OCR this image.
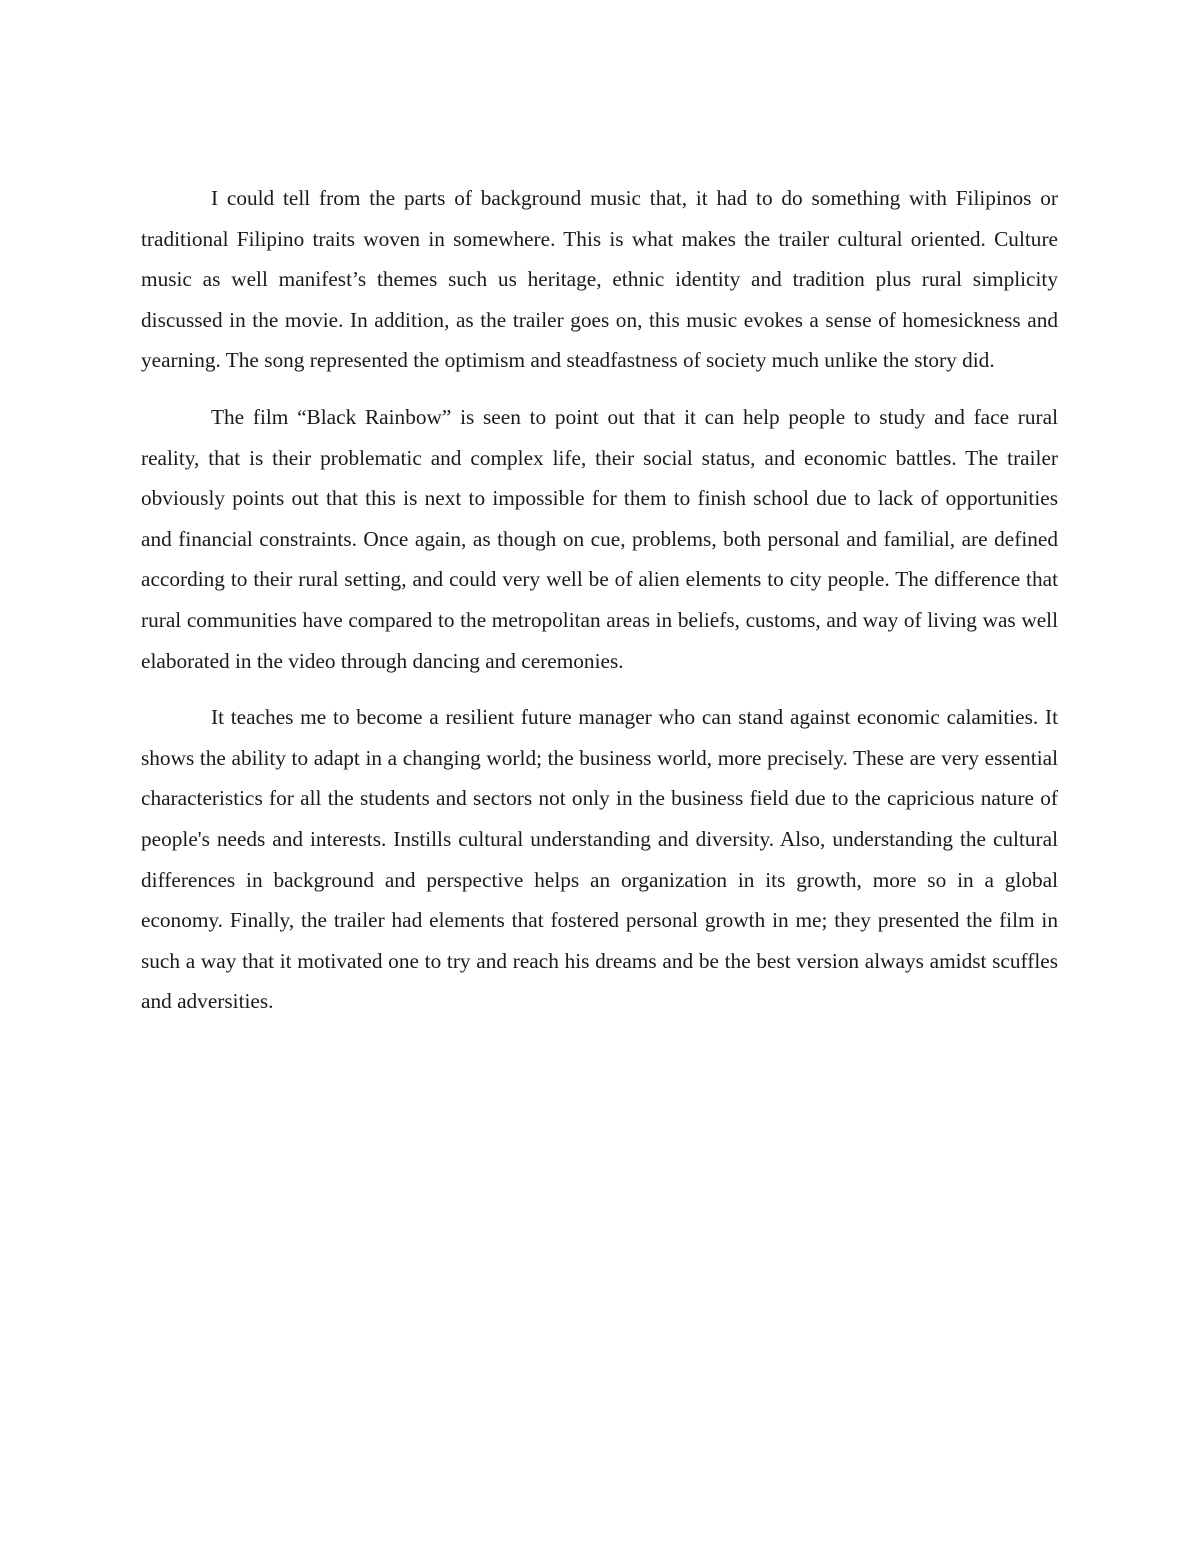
I could tell from the parts of background music that, it had to do something with Filipinos or traditional Filipino traits woven in somewhere. This is what makes the trailer cultural oriented. Culture music as well manifest’s themes such us heritage, ethnic identity and tradition plus rural simplicity discussed in the movie. In addition, as the trailer goes on, this music evokes a sense of homesickness and yearning. The song represented the optimism and steadfastness of society much unlike the story did.

The film “Black Rainbow” is seen to point out that it can help people to study and face rural reality, that is their problematic and complex life, their social status, and economic battles. The trailer obviously points out that this is next to impossible for them to finish school due to lack of opportunities and financial constraints. Once again, as though on cue, problems, both personal and familial, are defined according to their rural setting, and could very well be of alien elements to city people. The difference that rural communities have compared to the metropolitan areas in beliefs, customs, and way of living was well elaborated in the video through dancing and ceremonies.

It teaches me to become a resilient future manager who can stand against economic calamities. It shows the ability to adapt in a changing world; the business world, more precisely. These are very essential characteristics for all the students and sectors not only in the business field due to the capricious nature of people's needs and interests. Instills cultural understanding and diversity. Also, understanding the cultural differences in background and perspective helps an organization in its growth, more so in a global economy. Finally, the trailer had elements that fostered personal growth in me; they presented the film in such a way that it motivated one to try and reach his dreams and be the best version always amidst scuffles and adversities.
